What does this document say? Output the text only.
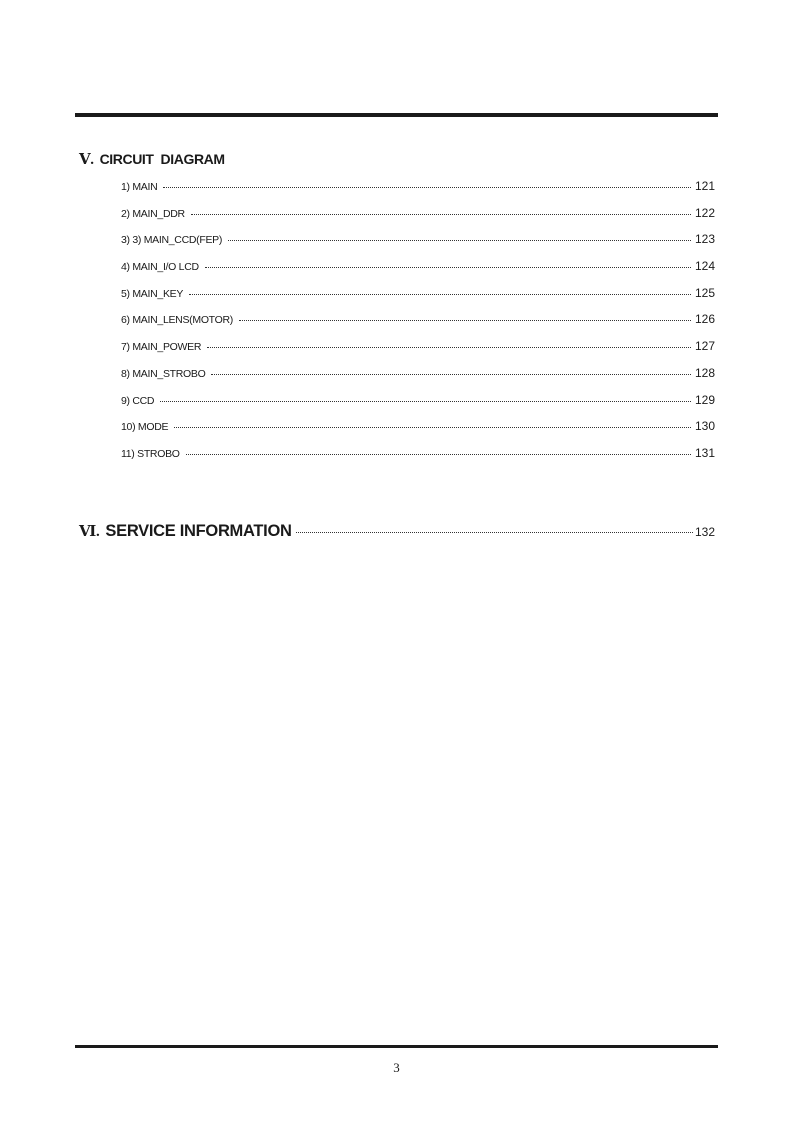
Ⅴ. CIRCUIT  DIAGRAM
1) MAIN	121
2) MAIN_DDR	122
3) 3) MAIN_CCD(FEP)	123
4) MAIN_I/O LCD	124
5) MAIN_KEY	125
6) MAIN_LENS(MOTOR)	126
7) MAIN_POWER	127
8) MAIN_STROBO	128
9) CCD	129
10) MODE	130
11) STROBO	131
Ⅵ. SERVICE INFORMATION	132
3
